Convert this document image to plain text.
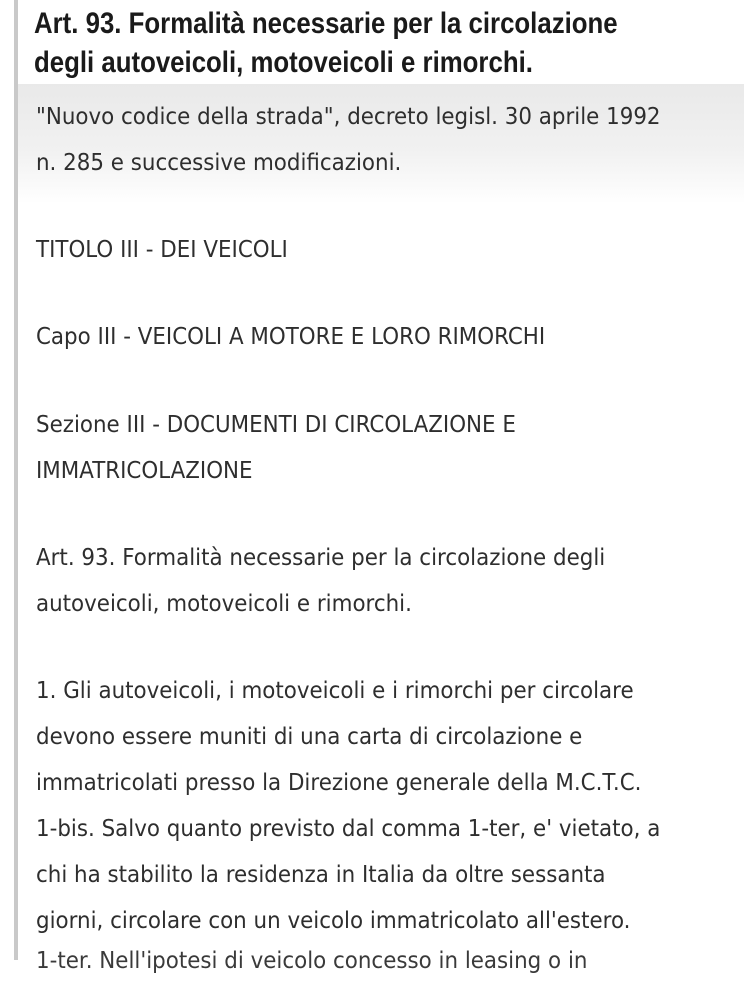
Art. 93. Formalità necessarie per la circolazione
degli autoveicoli, motoveicoli e rimorchi.
"Nuovo codice della strada", decreto legisl. 30 aprile 1992
n. 285 e successive modificazioni.
TITOLO III - DEI VEICOLI
Capo III - VEICOLI A MOTORE E LORO RIMORCHI
Sezione III - DOCUMENTI DI CIRCOLAZIONE E
IMMATRICOLAZIONE
Art. 93. Formalità necessarie per la circolazione degli
autoveicoli, motoveicoli e rimorchi.
1. Gli autoveicoli, i motoveicoli e i rimorchi per circolare
devono essere muniti di una carta di circolazione e
immatricolati presso la Direzione generale della M.C.T.C.
1-bis. Salvo quanto previsto dal comma 1-ter, e' vietato, a
chi ha stabilito la residenza in Italia da oltre sessanta
giorni, circolare con un veicolo immatricolato all'estero.
1-ter. Nell'ipotesi di veicolo concesso in leasing o in
